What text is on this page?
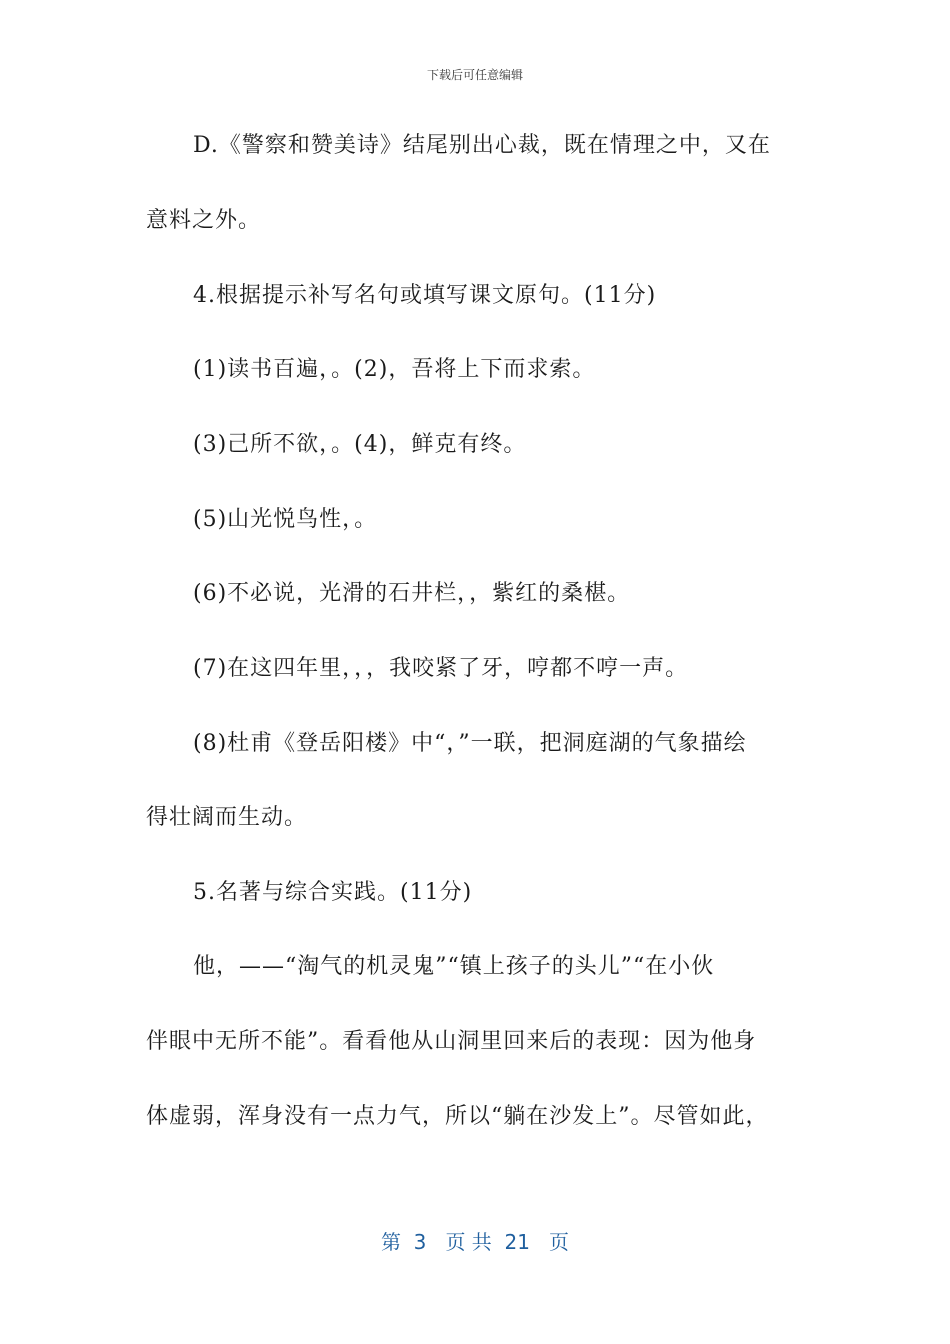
下载后可任意编辑
D.《警察和赞美诗》结尾别出心裁，既在情理之中，又在
意料之外。
4.根据提示补写名句或填写课文原句。(11分)
(1)读书百遍，。(2)，吾将上下而求索。
(3)己所不欲，。(4)，鲜克有终。
(5)山光悦鸟性，。
(6)不必说，光滑的石井栏，，紫红的桑椹。
(7)在这四年里，，，我咬紧了牙，哼都不哼一声。
(8)杜甫《登岳阳楼》中“，”一联，把洞庭湖的气象描绘
得壮阔而生动。
5.名著与综合实践。(11分)
他，——“淘气的机灵鬼”“镇上孩子的头儿”“在小伙
伴眼中无所不能”。看看他从山洞里回来后的表现：因为他身
体虚弱，浑身没有一点力气，所以“躺在沙发上”。尽管如此，
第  3   页 共  21   页
